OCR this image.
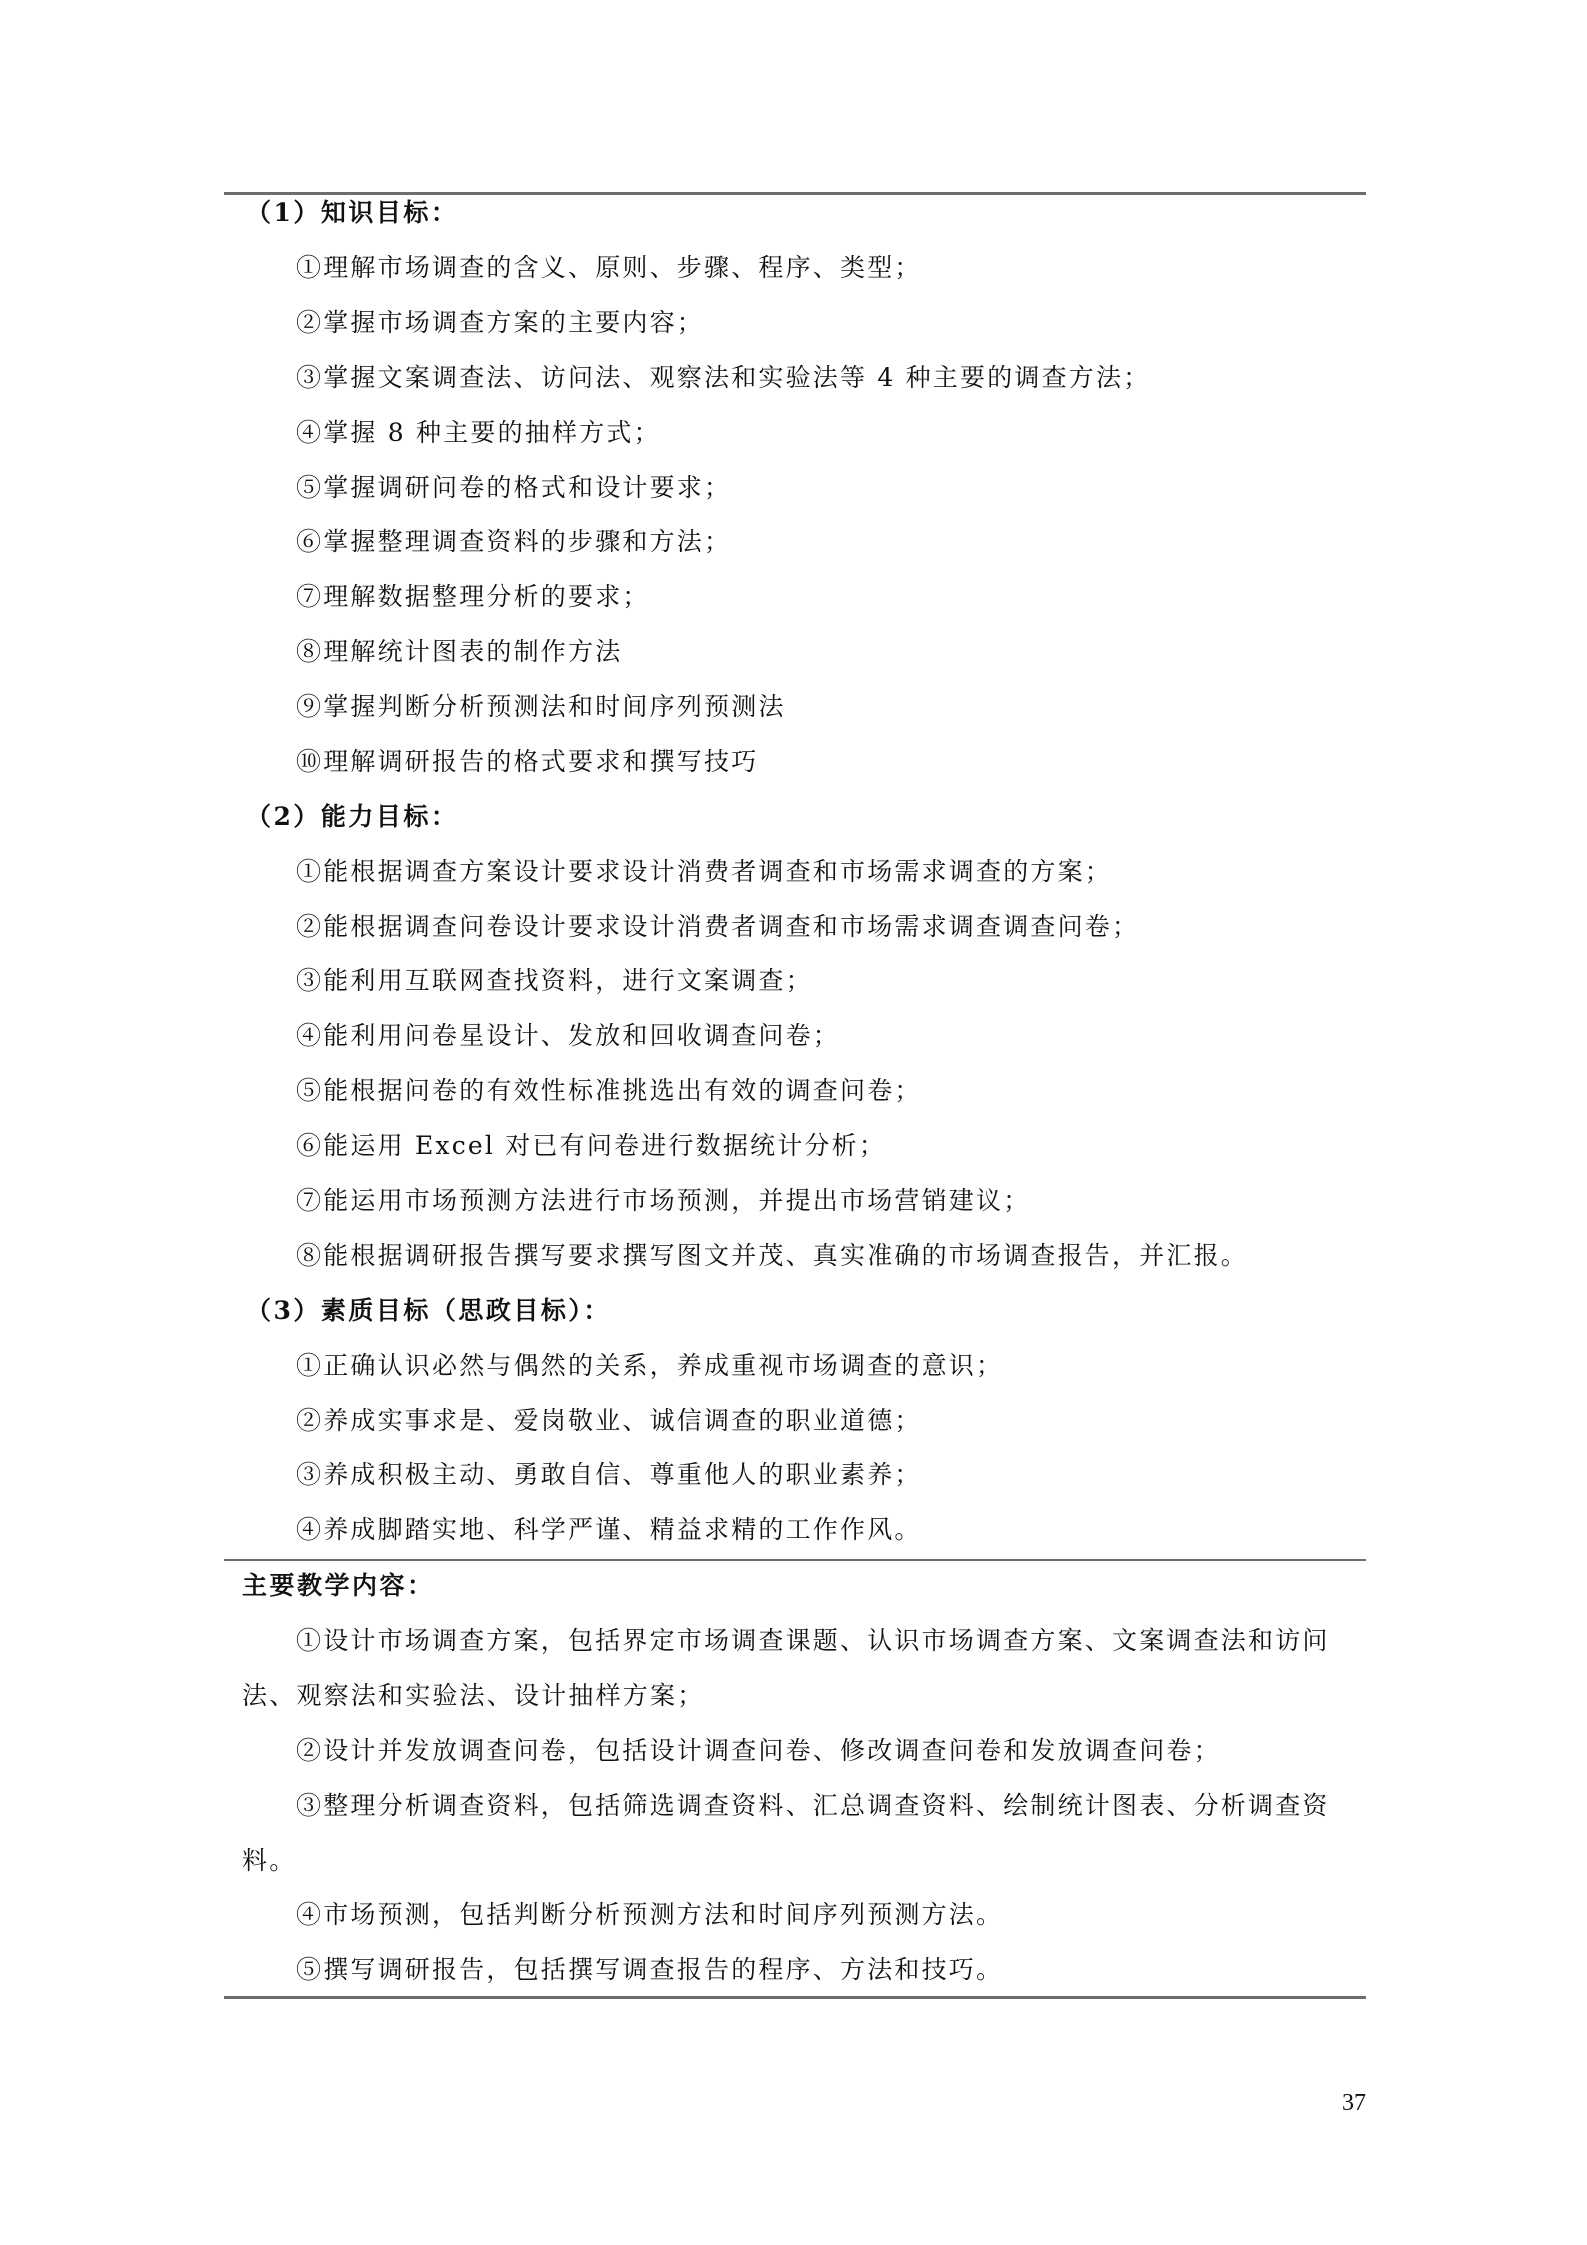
（1）知识目标：
①理解市场调查的含义、原则、步骤、程序、类型；
②掌握市场调查方案的主要内容；
③掌握文案调查法、访问法、观察法和实验法等 4 种主要的调查方法；
④掌握 8 种主要的抽样方式；
⑤掌握调研问卷的格式和设计要求；
⑥掌握整理调查资料的步骤和方法；
⑦理解数据整理分析的要求；
⑧理解统计图表的制作方法
⑨掌握判断分析预测法和时间序列预测法
⑩理解调研报告的格式要求和撰写技巧
（2）能力目标：
①能根据调查方案设计要求设计消费者调查和市场需求调查的方案；
②能根据调查问卷设计要求设计消费者调查和市场需求调查调查问卷；
③能利用互联网查找资料，进行文案调查；
④能利用问卷星设计、发放和回收调查问卷；
⑤能根据问卷的有效性标准挑选出有效的调查问卷；
⑥能运用 Excel 对已有问卷进行数据统计分析；
⑦能运用市场预测方法进行市场预测，并提出市场营销建议；
⑧能根据调研报告撰写要求撰写图文并茂、真实准确的市场调查报告，并汇报。
（3）素质目标（思政目标）：
①正确认识必然与偶然的关系，养成重视市场调查的意识；
②养成实事求是、爱岗敬业、诚信调查的职业道德；
③养成积极主动、勇敢自信、尊重他人的职业素养；
④养成脚踏实地、科学严谨、精益求精的工作作风。
主要教学内容：
①设计市场调查方案，包括界定市场调查课题、认识市场调查方案、文案调查法和访问
法、观察法和实验法、设计抽样方案；
②设计并发放调查问卷，包括设计调查问卷、修改调查问卷和发放调查问卷；
③整理分析调查资料，包括筛选调查资料、汇总调查资料、绘制统计图表、分析调查资
料。
④市场预测，包括判断分析预测方法和时间序列预测方法。
⑤撰写调研报告，包括撰写调查报告的程序、方法和技巧。
37
